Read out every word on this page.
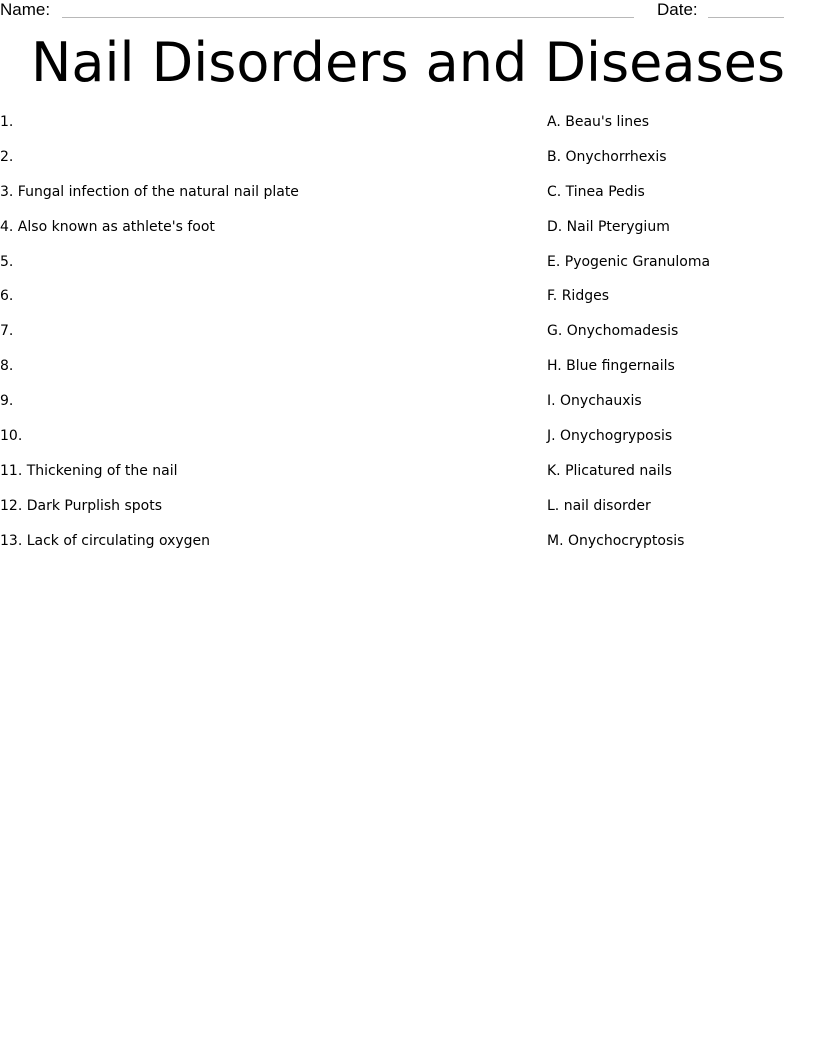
Name:	Date:
Nail Disorders and Diseases
1.
2.
3. Fungal infection of the natural nail plate
4. Also known as athlete's foot
5.
6.
7.
8.
9.
10.
11. Thickening of the nail
12. Dark Purplish spots
13. Lack of circulating oxygen
A. Beau's lines
B. Onychorrhexis
C. Tinea Pedis
D. Nail Pterygium
E. Pyogenic Granuloma
F. Ridges
G. Onychomadesis
H. Blue fingernails
I. Onychauxis
J. Onychogryposis
K. Plicatured nails
L. nail disorder
M. Onychocryptosis
